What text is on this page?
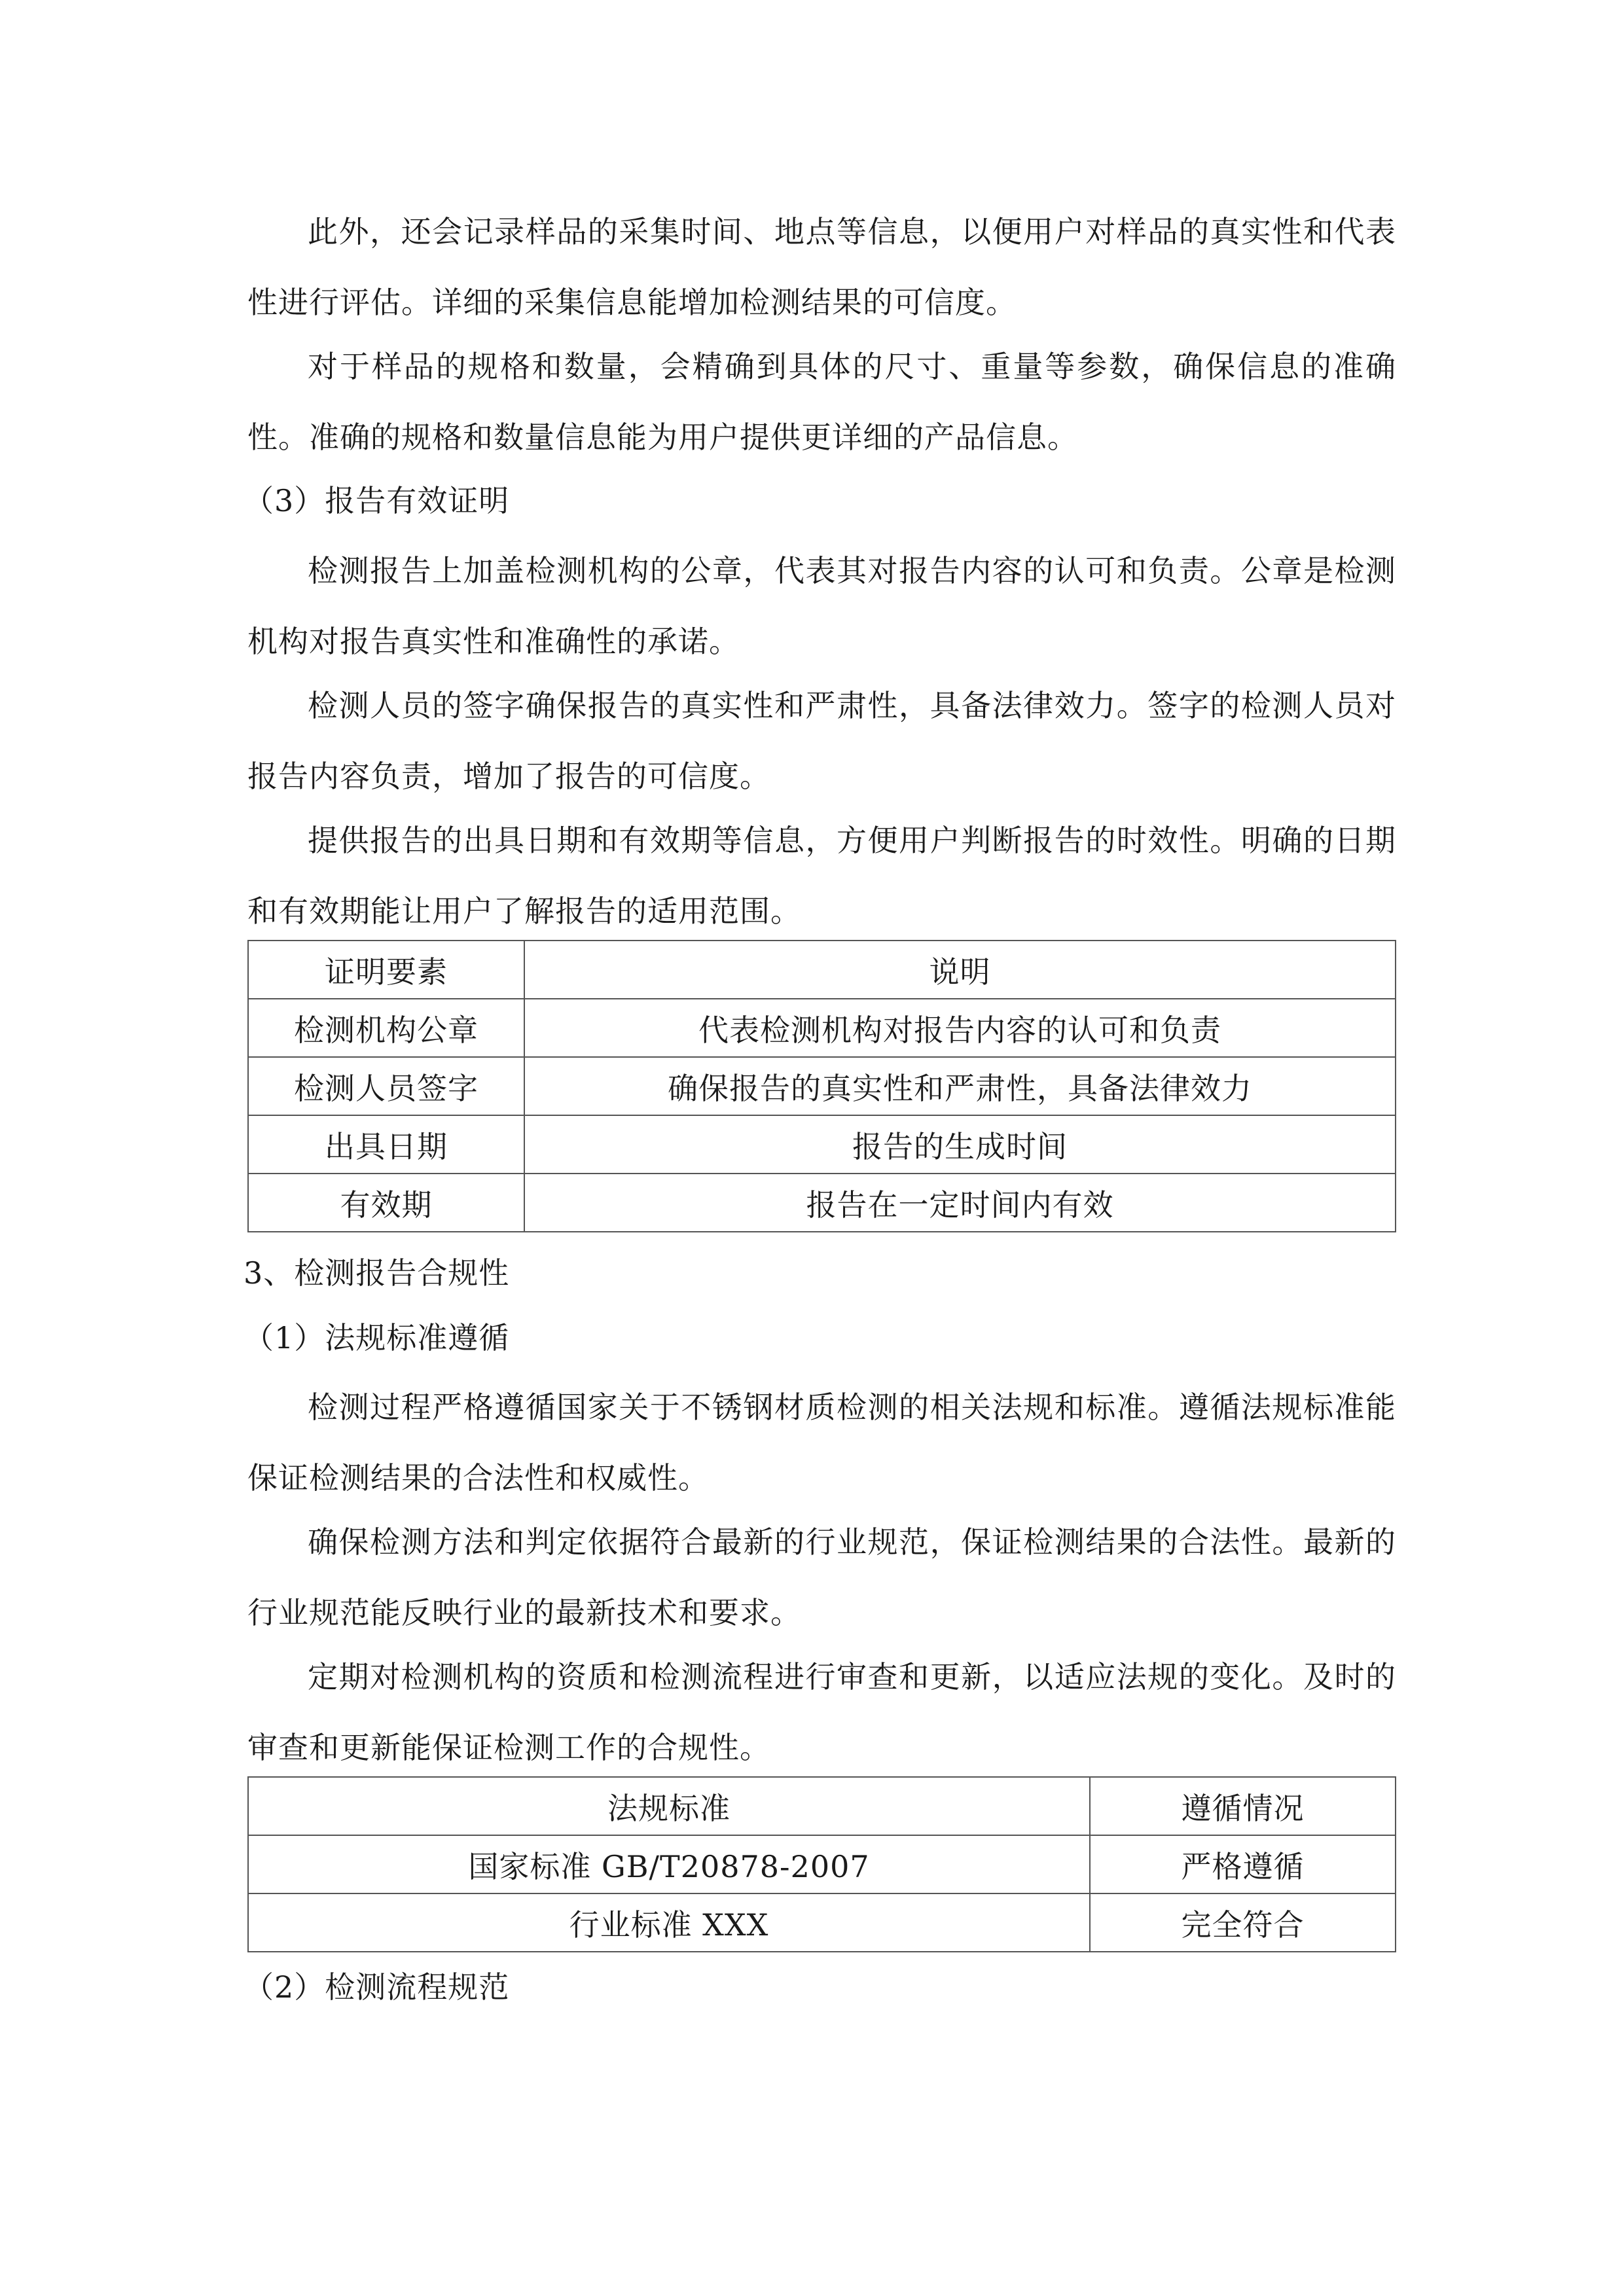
此外，还会记录样品的采集时间、地点等信息，以便用户对样品的真实性和代表性进行评估。详细的采集信息能增加检测结果的可信度。

对于样品的规格和数量，会精确到具体的尺寸、重量等参数，确保信息的准确性。准确的规格和数量信息能为用户提供更详细的产品信息。

（3）报告有效证明

检测报告上加盖检测机构的公章，代表其对报告内容的认可和负责。公章是检测机构对报告真实性和准确性的承诺。

检测人员的签字确保报告的真实性和严肃性，具备法律效力。签字的检测人员对报告内容负责，增加了报告的可信度。

提供报告的出具日期和有效期等信息，方便用户判断报告的时效性。明确的日期和有效期能让用户了解报告的适用范围。

证明要素	说明
检测机构公章	代表检测机构对报告内容的认可和负责
检测人员签字	确保报告的真实性和严肃性，具备法律效力
出具日期	报告的生成时间
有效期	报告在一定时间内有效
3、检测报告合规性
（1）法规标准遵循

检测过程严格遵循国家关于不锈钢材质检测的相关法规和标准。遵循法规标准能保证检测结果的合法性和权威性。

确保检测方法和判定依据符合最新的行业规范，保证检测结果的合法性。最新的行业规范能反映行业的最新技术和要求。

定期对检测机构的资质和检测流程进行审查和更新，以适应法规的变化。及时的审查和更新能保证检测工作的合规性。

法规标准	遵循情况
国家标准 GB/T20878-2007	严格遵循
行业标准 XXX	完全符合
（2）检测流程规范
